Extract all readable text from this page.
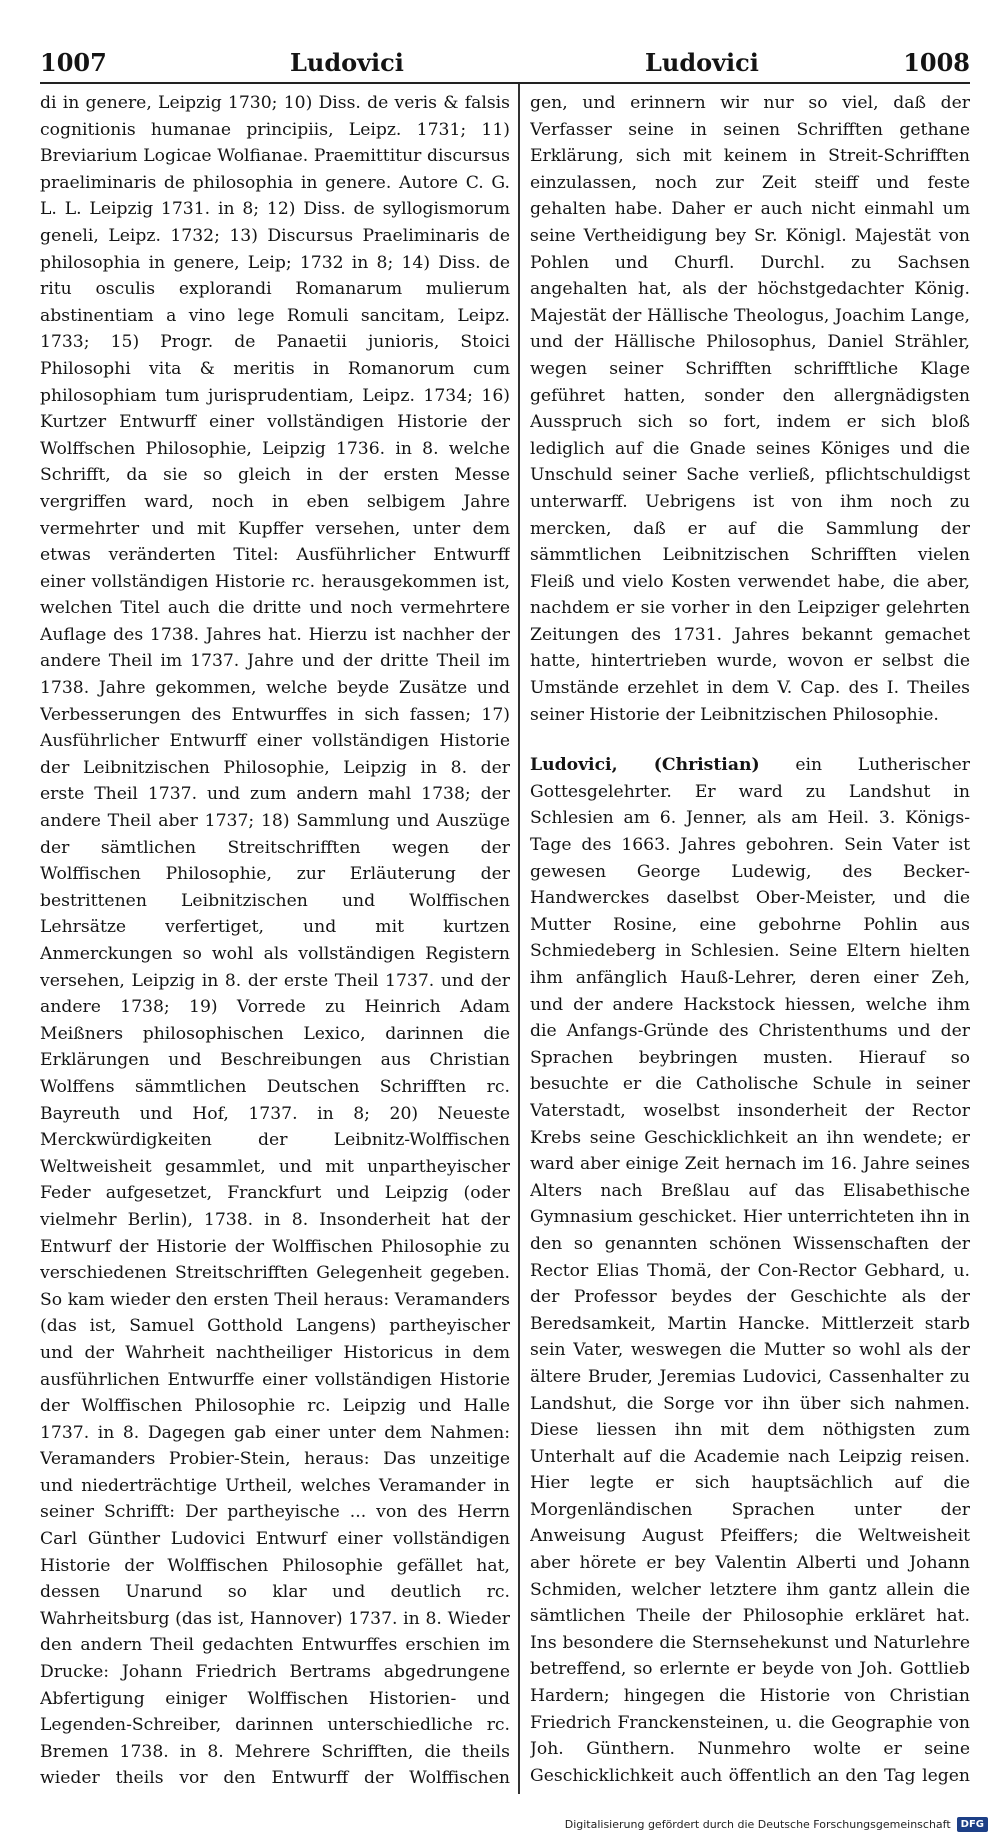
1007	Ludovici	Ludovici	1008

di in genere, Leipzig 1730; 10) Diss. de veris & falsis cognitionis humanae principiis, Leipz. 1731; 11) Breviarium Logicae Wolfianae. Praemittitur discursus praeliminaris de philosophia in genere. Autore C. G. L. L. Leipzig 1731. in 8; 12) Diss. de syllogismorum geneli, Leipz. 1732; 13) Discursus Praeliminaris de philosophia in genere, Leip; 1732 in 8; 14) Diss. de ritu osculis explorandi Romanarum mulierum abstinentiam a vino lege Romuli sancitam, Leipz. 1733; 15) Progr. de Panaetii junioris, Stoici Philosophi vita & meritis in Romanorum cum philosophiam tum jurisprudentiam, Leipz. 1734; 16) Kurtzer Entwurff einer vollständigen Historie der Wolffschen Philosophie, Leipzig 1736. in 8. welche Schrifft, da sie so gleich in der ersten Messe vergriffen ward, noch in eben selbigem Jahre vermehrter und mit Kupffer versehen, unter dem etwas veränderten Titel: Ausführlicher Entwurff einer vollständigen Historie rc. herausgekommen ist, welchen Titel auch die dritte und noch vermehrtere Auflage des 1738. Jahres hat. Hierzu ist nachher der andere Theil im 1737. Jahre und der dritte Theil im 1738. Jahre gekommen, welche beyde Zusätze und Verbesserungen des Entwurffes in sich fassen; 17) Ausführlicher Entwurff einer vollständigen Historie der Leibnitzischen Philosophie, Leipzig in 8. der erste Theil 1737. und zum andern mahl 1738; der andere Theil aber 1737; 18) Sammlung und Auszüge der sämtlichen Streitschrifften wegen der Wolffischen Philosophie, zur Erläuterung der bestrittenen Leibnitzischen und Wolffischen Lehrsätze verfertiget, und mit kurtzen Anmerckungen so wohl als vollständigen Registern versehen, Leipzig in 8. der erste Theil 1737. und der andere 1738; 19) Vorrede zu Heinrich Adam Meißners philosophischen Lexico, darinnen die Erklärungen und Beschreibungen aus Christian Wolffens sämmtlichen Deutschen Schrifften rc. Bayreuth und Hof, 1737. in 8; 20) Neueste Merckwürdigkeiten der Leibnitz-Wolffischen Weltweisheit gesammlet, und mit unpartheyischer Feder aufgesetzet, Franckfurt und Leipzig (oder vielmehr Berlin), 1738. in 8. Insonderheit hat der Entwurf der Historie der Wolffischen Philosophie zu verschiedenen Streitschrifften Gelegenheit gegeben. So kam wieder den ersten Theil heraus: Veramanders (das ist, Samuel Gotthold Langens) partheyischer und der Wahrheit nachtheiliger Historicus in dem ausführlichen Entwurffe einer vollständigen Historie der Wolffischen Philosophie rc. Leipzig und Halle 1737. in 8. Dagegen gab einer unter dem Nahmen: Veramanders Probier-Stein, heraus: Das unzeitige und niederträchtige Urtheil, welches Veramander in seiner Schrifft: Der partheyische ... von des Herrn Carl Günther Ludovici Entwurf einer vollständigen Historie der Wolffischen Philosophie gefället hat, dessen Unarund so klar und deutlich rc. Wahrheitsburg (das ist, Hannover) 1737. in 8. Wieder den andern Theil gedachten Entwurffes erschien im Drucke: Johann Friedrich Bertrams abgedrungene Abfertigung einiger Wolffischen Historien- und Legenden-Schreiber, darinnen unterschiedliche rc. Bremen 1738. in 8. Mehrere Schrifften, die theils wieder theils vor den Entwurff der Wolffischen

gen, und erinnern wir nur so viel, daß der Verfasser seine in seinen Schrifften gethane Erklärung, sich mit keinem in Streit-Schrifften einzulassen, noch zur Zeit steiff und feste gehalten habe. Daher er auch nicht einmahl um seine Vertheidigung bey Sr. Königl. Majestät von Pohlen und Churfl. Durchl. zu Sachsen angehalten hat, als der höchstgedachter König. Majestät der Hällische Theologus, Joachim Lange, und der Hällische Philosophus, Daniel Strähler, wegen seiner Schrifften schrifftliche Klage geführet hatten, sonder den allergnädigsten Ausspruch sich so fort, indem er sich bloß lediglich auf die Gnade seines Königes und die Unschuld seiner Sache verließ, pflichtschuldigst unterwarff. Uebrigens ist von ihm noch zu mercken, daß er auf die Sammlung der sämmtlichen Leibnitzischen Schrifften vielen Fleiß und vielo Kosten verwendet habe, die aber, nachdem er sie vorher in den Leipziger gelehrten Zeitungen des 1731. Jahres bekannt gemachet hatte, hintertrieben wurde, wovon er selbst die Umstände erzehlet in dem V. Cap. des I. Theiles seiner Historie der Leibnitzischen Philosophie.

Ludovici, (Christian) ein Lutherischer Gottesgelehrter. Er ward zu Landshut in Schlesien am 6. Jenner, als am Heil. 3. Königs-Tage des 1663. Jahres gebohren. Sein Vater ist gewesen George Ludewig, des Becker-Handwerckes daselbst Ober-Meister, und die Mutter Rosine, eine gebohrne Pohlin aus Schmiedeberg in Schlesien. Seine Eltern hielten ihm anfänglich Hauß-Lehrer, deren einer Zeh, und der andere Hackstock hiessen, welche ihm die Anfangs-Gründe des Christenthums und der Sprachen beybringen musten. Hierauf so besuchte er die Catholische Schule in seiner Vaterstadt, woselbst insonderheit der Rector Krebs seine Geschicklichkeit an ihn wendete; er ward aber einige Zeit hernach im 16. Jahre seines Alters nach Breßlau auf das Elisabethische Gymnasium geschicket. Hier unterrichteten ihn in den so genannten schönen Wissenschaften der Rector Elias Thomä, der Con-Rector Gebhard, u. der Professor beydes der Geschichte als der Beredsamkeit, Martin Hancke. Mittlerzeit starb sein Vater, weswegen die Mutter so wohl als der ältere Bruder, Jeremias Ludovici, Cassenhalter zu Landshut, die Sorge vor ihn über sich nahmen. Diese liessen ihn mit dem nöthigsten zum Unterhalt auf die Academie nach Leipzig reisen. Hier legte er sich hauptsächlich auf die Morgenländischen Sprachen unter der Anweisung August Pfeiffers; die Weltweisheit aber hörete er bey Valentin Alberti und Johann Schmiden, welcher letztere ihm gantz allein die sämtlichen Theile der Philosophie erkläret hat. Ins besondere die Sternsehekunst und Naturlehre betreffend, so erlernte er beyde von Joh. Gottlieb Hardern; hingegen die Historie von Christian Friedrich Franckensteinen, u. die Geographie von Joh. Günthern. Nunmehro wolte er seine Geschicklichkeit auch öffentlich an den Tag legen

Digitalisierung gefördert durch die Deutsche Forschungsgemeinschaft	DFG
